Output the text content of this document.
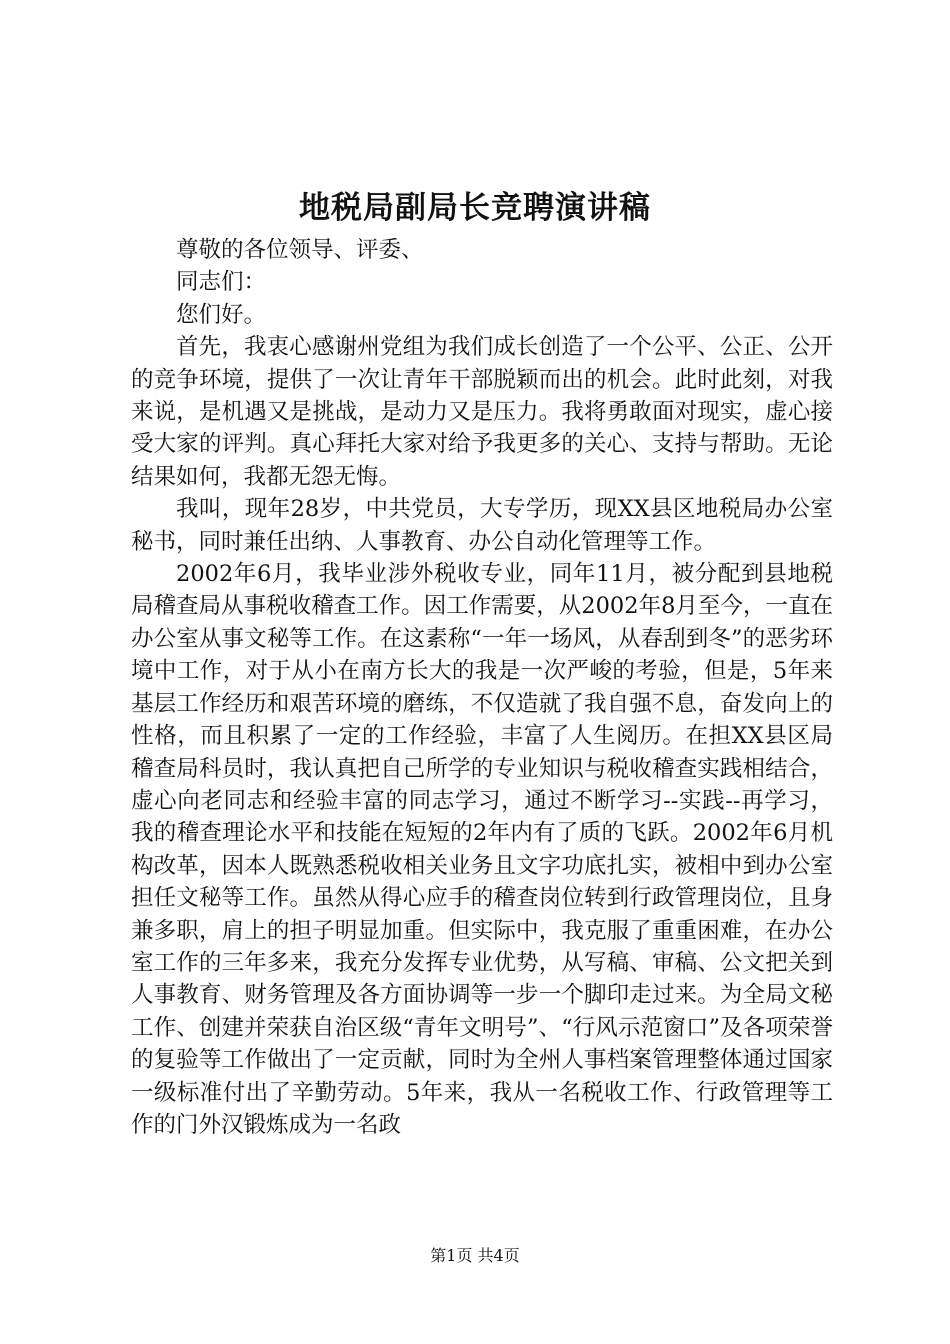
地税局副局长竞聘演讲稿

尊敬的各位领导、评委、

同志们：

您们好。

首先，我衷心感谢州党组为我们成长创造了一个公平、公正、公开的竞争环境，提供了一次让青年干部脱颖而出的机会。此时此刻，对我来说，是机遇又是挑战，是动力又是压力。我将勇敢面对现实，虚心接受大家的评判。真心拜托大家对给予我更多的关心、支持与帮助。无论结果如何，我都无怨无悔。

我叫，现年28岁，中共党员，大专学历，现XX县区地税局办公室秘书，同时兼任出纳、人事教育、办公自动化管理等工作。

2002年6月，我毕业涉外税收专业，同年11月，被分配到县地税局稽查局从事税收稽查工作。因工作需要，从2002年8月至今，一直在办公室从事文秘等工作。在这素称“一年一场风，从春刮到冬”的恶劣环境中工作，对于从小在南方长大的我是一次严峻的考验，但是，5年来基层工作经历和艰苦环境的磨练，不仅造就了我自强不息，奋发向上的性格，而且积累了一定的工作经验，丰富了人生阅历。在担XX县区局稽查局科员时，我认真把自己所学的专业知识与税收稽查实践相结合，虚心向老同志和经验丰富的同志学习，通过不断学习--实践--再学习，我的稽查理论水平和技能在短短的2年内有了质的飞跃。2002年6月机构改革，因本人既熟悉税收相关业务且文字功底扎实，被相中到办公室担任文秘等工作。虽然从得心应手的稽查岗位转到行政管理岗位，且身兼多职，肩上的担子明显加重。但实际中，我克服了重重困难，在办公室工作的三年多来，我充分发挥专业优势，从写稿、审稿、公文把关到人事教育、财务管理及各方面协调等一步一个脚印走过来。为全局文秘工作、创建并荣获自治区级“青年文明号”、“行风示范窗口”及各项荣誉的复验等工作做出了一定贡献，同时为全州人事档案管理整体通过国家一级标准付出了辛勤劳动。5年来，我从一名税收工作、行政管理等工作的门外汉锻炼成为一名政

第1页 共4页
